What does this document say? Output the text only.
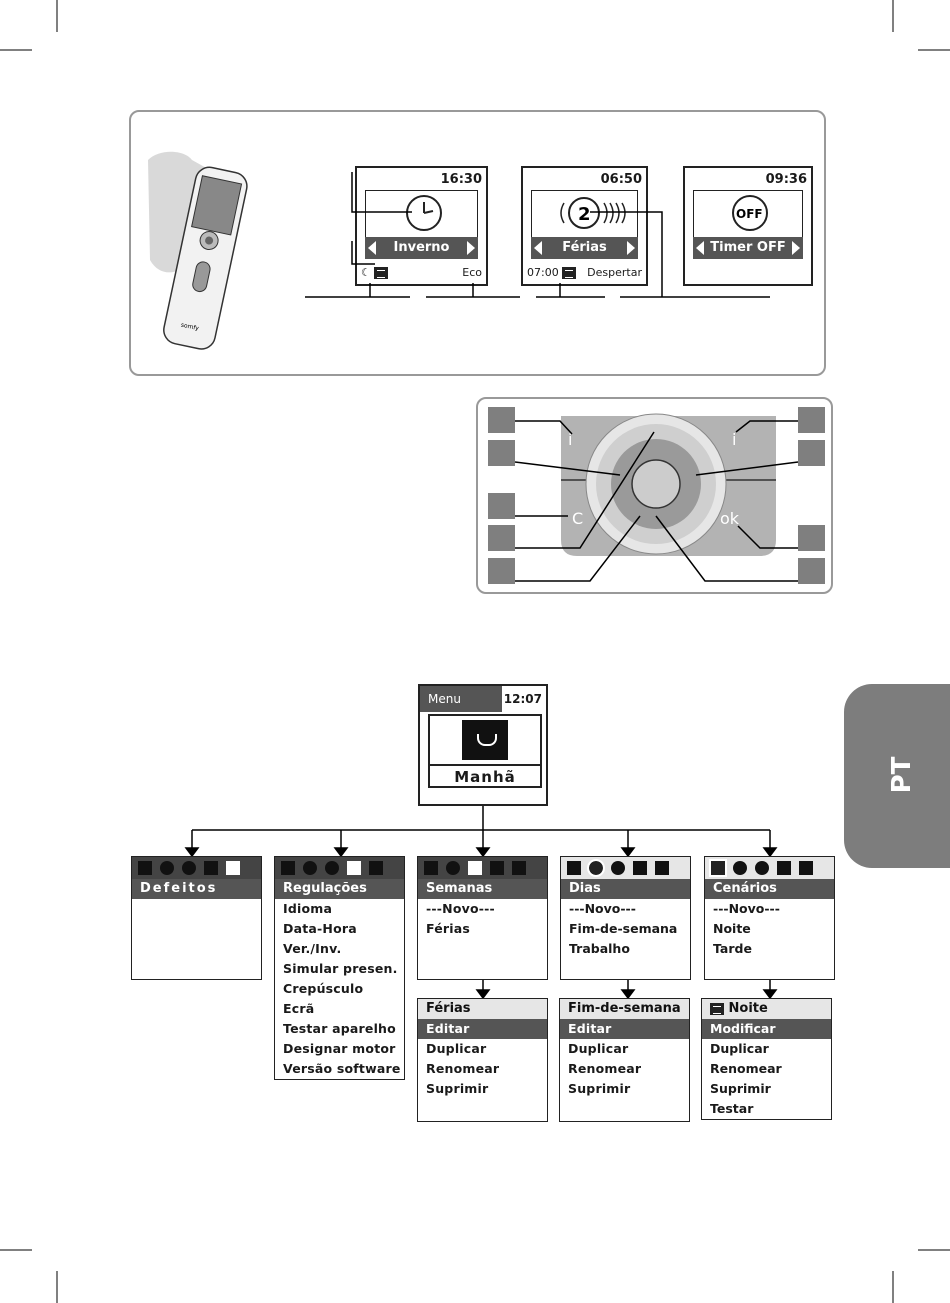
somfy
16:30
Inverno
☾	Eco
06:50
2
Férias
07:00	Despertar
09:36
OFF
Timer OFF
i	i
C	ok
Menu	12:07
Manhã
Defeitos	Regulações
Idioma
Data-Hora
Ver./Inv.
Simular presen.
Crepúsculo
Ecrã
Testar aparelho
Designar motor
Versão software
Semanas
---Novo---
Férias
Dias
---Novo---
Fim-de-semana
Trabalho
Cenários
---Novo---
Noite
Tarde
Férias
Editar
Duplicar
Renomear
Suprimir
Fim-de-semana
Editar
Duplicar
Renomear
Suprimir
Noite
Modificar
Duplicar
Renomear
Suprimir
Testar
PT
